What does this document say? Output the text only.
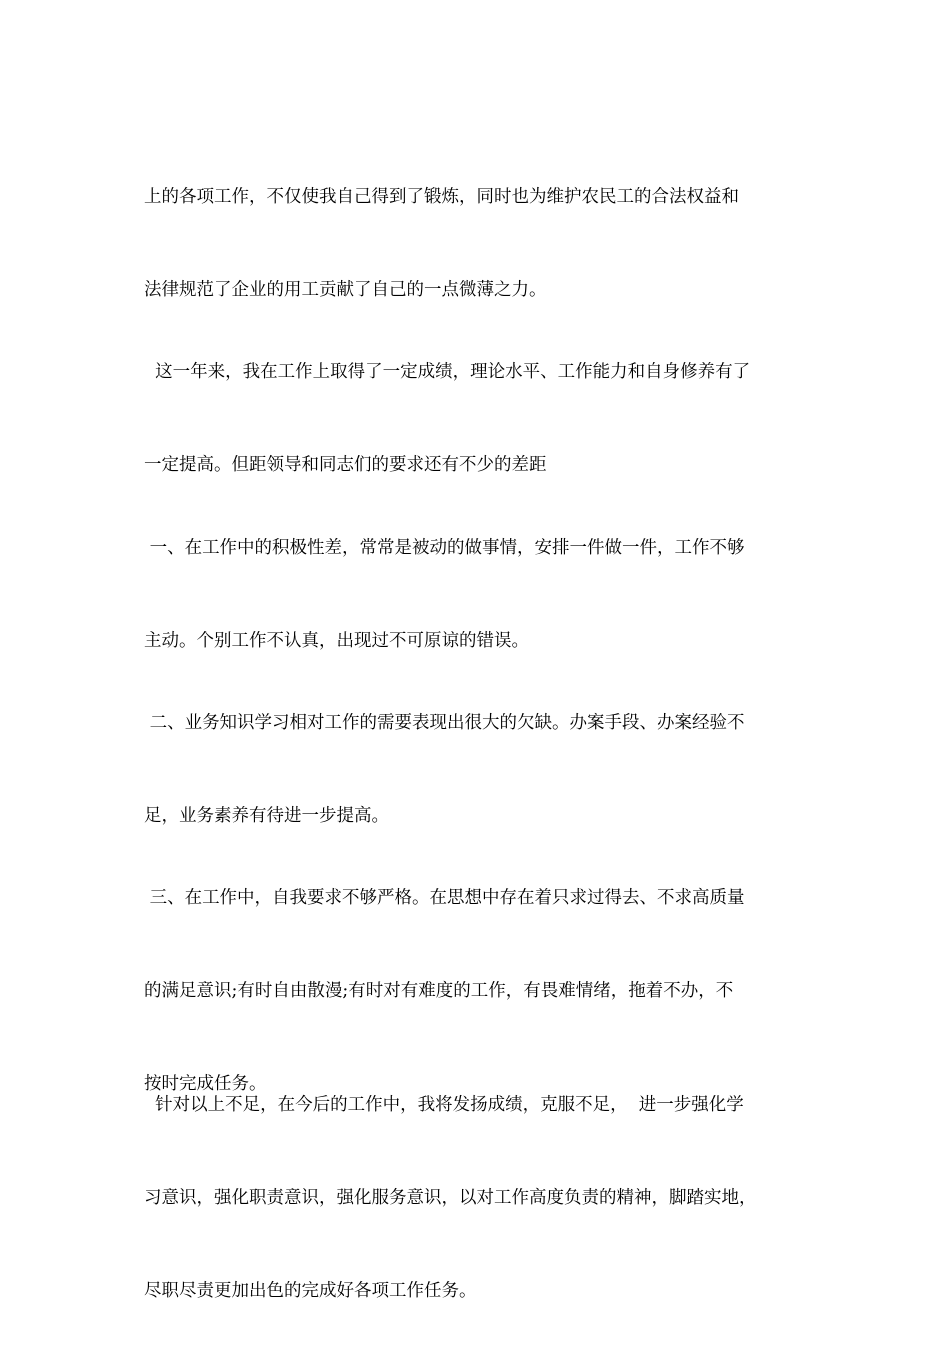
上的各项工作，不仅使我自己得到了锻炼，同时也为维护农民工的合法权益和

法律规范了企业的用工贡献了自己的一点微薄之力。

这一年来，我在工作上取得了一定成绩，理论水平、工作能力和自身修养有了

一定提高。但距领导和同志们的要求还有不少的差距

一、在工作中的积极性差，常常是被动的做事情，安排一件做一件，工作不够

主动。个别工作不认真，出现过不可原谅的错误。

二、业务知识学习相对工作的需要表现出很大的欠缺。办案手段、办案经验不

足，业务素养有待进一步提高。

三、在工作中，自我要求不够严格。在思想中存在着只求过得去、不求高质量

的满足意识;有时自由散漫;有时对有难度的工作，有畏难情绪，拖着不办，不

按时完成任务。

针对以上不足，在今后的工作中，我将发扬成绩，克服不足，  进一步强化学

习意识，强化职责意识，强化服务意识，以对工作高度负责的精神，脚踏实地，

尽职尽责更加出色的完成好各项工作任务。
